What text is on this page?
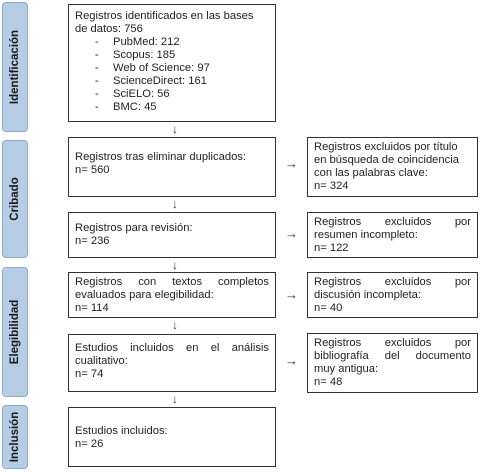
Identificación
Cribado
Elegibilidad
Inclusión
Registros identificados en las bases
de datos: 756
- PubMed: 212
- Scopus: 185
- Web of Science: 97
- ScienceDirect: 161
- SciELO: 56
- BMC: 45
↓
Registros tras eliminar duplicados:
n= 560	→
Registros excluidos por título
en búsqueda de coincidencia
con las palabras clave:
n= 324
↓
Registros para revisión:
n= 236	→
Registros excluidos por
resumen incompleto:
n= 122
↓
Registros con textos completos
evaluados para elegibilidad:
n= 114
→
Registros excluidos por
discusión incompleta:
n= 40
↓
Estudios incluidos en el análisis
cualitativo:
n= 74
→
Registros excluidos por
bibliografía del documento
muy antigua:
n= 48
↓
Estudios incluidos:
n= 26
